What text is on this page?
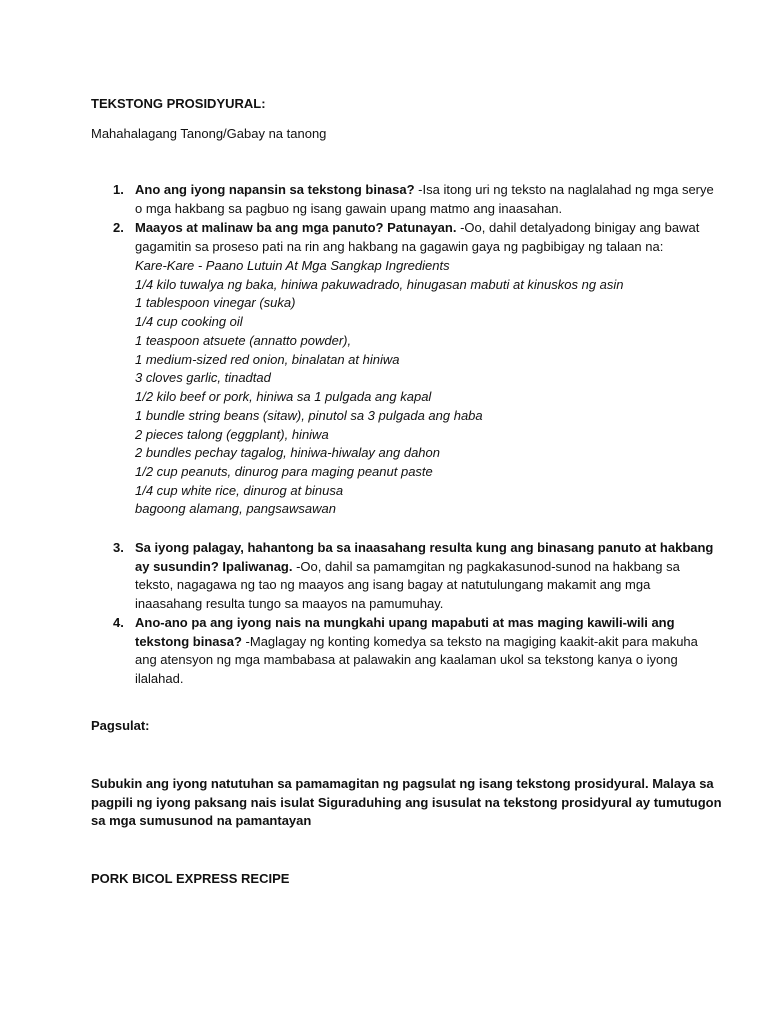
TEKSTONG PROSIDYURAL:
Mahahalagang Tanong/Gabay na tanong
1. Ano ang iyong napansin sa tekstong binasa? -Isa itong uri ng teksto na naglalahad ng mga serye
o mga hakbang sa pagbuo ng isang gawain upang matmo ang inaasahan.
2. Maayos at malinaw ba ang mga panuto? Patunayan. -Oo, dahil detalyadong binigay ang bawat
gagamitin sa proseso pati na rin ang hakbang na gagawin gaya ng pagbibigay ng talaan na:
Kare-Kare - Paano Lutuin At Mga Sangkap Ingredients
1/4 kilo tuwalya ng baka, hiniwa pakuwadrado, hinugasan mabuti at kinuskos ng asin
1 tablespoon vinegar (suka)
1/4 cup cooking oil
1 teaspoon atsuete (annatto powder),
1 medium-sized red onion, binalatan at hiniwa
3 cloves garlic, tinadtad
1/2 kilo beef or pork, hiniwa sa 1 pulgada ang kapal
1 bundle string beans (sitaw), pinutol sa 3 pulgada ang haba
2 pieces talong (eggplant), hiniwa
2 bundles pechay tagalog, hiniwa-hiwalay ang dahon
1/2 cup peanuts, dinurog para maging peanut paste
1/4 cup white rice, dinurog at binusa
bagoong alamang, pangsawsawan
3. Sa iyong palagay, hahantong ba sa inaasahang resulta kung ang binasang panuto at hakbang
ay susundin? Ipaliwanag. -Oo, dahil sa pamamgitan ng pagkakasunod-sunod na hakbang sa
teksto, nagagawa ng tao ng maayos ang isang bagay at natutulungang makamit ang mga
inaasahang resulta tungo sa maayos na pamumuhay.
4. Ano-ano pa ang iyong nais na mungkahi upang mapabuti at mas maging kawili-wili ang
tekstong binasa? -Maglagay ng konting komedya sa teksto na magiging kaakit-akit para makuha
ang atensyon ng mga mambabasa at palawakin ang kaalaman ukol sa tekstong kanya o iyong
ilalahad.
Pagsulat:
Subukin ang iyong natutuhan sa pamamagitan ng pagsulat ng isang tekstong prosidyural. Malaya sa
pagpili ng iyong paksang nais isulat Siguraduhing ang isusulat na tekstong prosidyural ay tumutugon
sa mga sumusunod na pamantayan
PORK BICOL EXPRESS RECIPE
